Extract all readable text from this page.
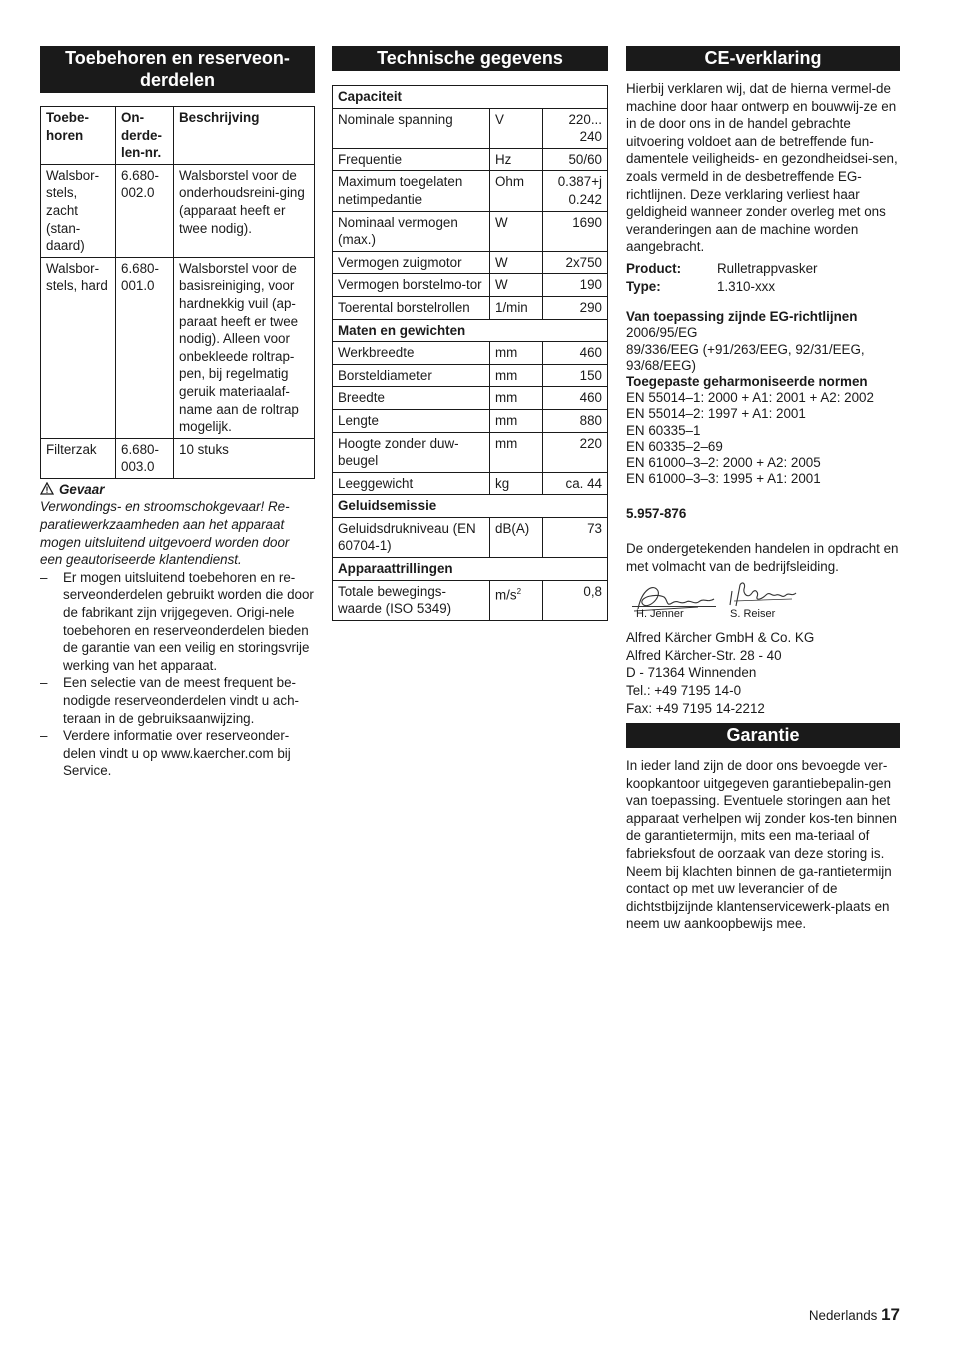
Toebehoren en reserveon-derdelen
Toebe-horen	On-derde-len-nr.	Beschrijving
Walsbor-stels, zacht (stan-daard)	6.680-002.0	Walsborstel voor de onderhoudsreini-ging (apparaat heeft er twee nodig).
Walsbor-stels, hard	6.680-001.0	Walsborstel voor de basisreiniging, voor hardnekkig vuil (ap-paraat heeft er twee nodig). Alleen voor onbekleede roltrap-pen, bij regelmatig geruik materiaalaf-name aan de roltrap mogelijk.
Filterzak	6.680-003.0	10 stuks

Gevaar

Verwondings- en stroomschokgevaar! Re-paratiewerkzaamheden aan het apparaat mogen uitsluitend uitgevoerd worden door een geautoriseerde klantendienst.

– Er mogen uitsluitend toebehoren en re-serveonderdelen gebruikt worden die door de fabrikant zijn vrijgegeven. Origi-nele toebehoren en reserveonderdelen bieden de garantie van een veilig en storingsvrije werking van het apparaat.
– Een selectie van de meest frequent be-nodigde reserveonderdelen vindt u ach-teraan in de gebruiksaanwijzing.
– Verdere informatie over reserveonder-delen vindt u op www.kaercher.com bij Service.
Technische gegevens
Capaciteit		
Nominale spanning	V	220... 240
Frequentie	Hz	50/60
Maximum toegelaten netimpedantie	Ohm	0.387+j 0.242
Nominaal vermogen (max.)	W	1690
Vermogen zuigmotor	W	2x750
Vermogen borstelmo-tor	W	190
Toerental borstelrollen	1/min	290
Maten en gewichten		
Werkbreedte	mm	460
Borsteldiameter	mm	150
Breedte	mm	460
Lengte	mm	880
Hoogte zonder duw-beugel	mm	220
Leeggewicht	kg	ca. 44
Geluidsemissie		
Geluidsdrukniveau (EN 60704-1)	dB(A)	73
Apparaattrillingen		
Totale bewegings-waarde (ISO 5349)	$m/s^2$	0,8
CE-verklaring

Hierbij verklaren wij, dat de hierna vermel-de machine door haar ontwerp en bouwwij-ze en in de door ons in de handel gebrachte uitvoering voldoet aan de betreffende fun-damentele veiligheids- en gezondheidsei-sen, zoals vermeld in de desbetreffende EG-richtlijnen. Deze verklaring verliest haar geldigheid wanneer zonder overleg met ons veranderingen aan de machine worden aangebracht.

Product:	Rulletrappvasker
Type:	1.310-xxx

Van toepassing zijnde EG-richtlijnen

2006/95/EG

89/336/EEG (+91/263/EEG, 92/31/EEG, 93/68/EEG)

Toegepaste geharmoniseerde normen

EN 55014–1: 2000 + A1: 2001 + A2: 2002

EN 55014–2: 1997 + A1: 2001

EN 60335–1

EN 60335–2–69

EN 61000–3–2: 2000 + A2: 2005

EN 61000–3–3: 1995 + A1: 2001

5.957-876

De ondergetekenden handelen in opdracht en met volmacht van de bedrijfsleiding.

H. Jenner	S. Reiser

Alfred Kärcher GmbH & Co. KG

Alfred Kärcher-Str. 28 - 40

D - 71364 Winnenden

Tel.: +49 7195 14-0

Fax: +49 7195 14-2212

Garantie

In ieder land zijn de door ons bevoegde ver-koopkantoor uitgegeven garantiebepalin-gen van toepassing. Eventuele storingen aan het apparaat verhelpen wij zonder kos-ten binnen de garantietermijn, mits een ma-teriaal of fabrieksfout de oorzaak van deze storing is. Neem bij klachten binnen de ga-rantietermijn contact op met uw leverancier of de dichtstbijzijnde klantenservicewerk-plaats en neem uw aankoopbewijs mee.

Nederlands 17
